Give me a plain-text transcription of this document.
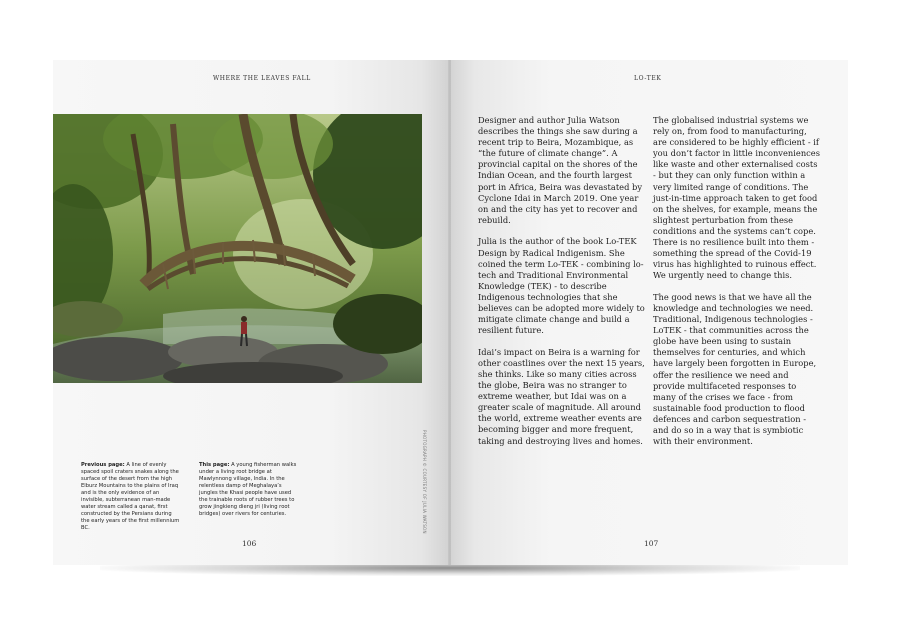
WHERE THE LEAVES FALL
Previous page: A line of evenly spaced spoil craters snakes along the surface of the desert from the high Elburz Mountains to the plains of Iraq and is the only evidence of an invisible, subterranean man-made water stream called a qanat, first constructed by the Persians during the early years of the first millennium BC.
This page: A young fisherman walks under a living root bridge at Mawlynnong village, India. In the relentless damp of Meghalaya’s jungles the Khasi people have used the trainable roots of rubber trees to grow jingkieng dieng jri (living root bridges) over rivers for centuries.	PHOTOGRAPH © COURTESY OF JULIA WATSON
106
LO-TEK

Designer and author Julia Watson describes the things she saw during a recent trip to Beira, Mozambique, as “the future of climate change”. A provincial capital on the shores of the Indian Ocean, and the fourth largest port in Africa, Beira was devastated by Cyclone Idai in March 2019. One year on and the city has yet to recover and rebuild.

Julia is the author of the book Lo-TEK Design by Radical Indigenism. She coined the term Lo-TEK - combining lo-tech and Traditional Environmental Knowledge (TEK) - to describe Indigenous technologies that she believes can be adopted more widely to mitigate climate change and build a resilient future.

Idai’s impact on Beira is a warning for other coastlines over the next 15 years, she thinks. Like so many cities across the globe, Beira was no stranger to extreme weather, but Idai was on a greater scale of magnitude. All around the world, extreme weather events are becoming bigger and more frequent, taking and destroying lives and homes.

The globalised industrial systems we rely on, from food to manufacturing, are considered to be highly efficient - if you don’t factor in little inconveniences like waste and other externalised costs - but they can only function within a very limited range of conditions. The just-in-time approach taken to get food on the shelves, for example, means the slightest perturbation from these conditions and the systems can’t cope. There is no resilience built into them - something the spread of the Covid-19 virus has highlighted to ruinous effect. We urgently need to change this.

The good news is that we have all the knowledge and technologies we need. Traditional, Indigenous technologies - LoTEK - that communities across the globe have been using to sustain themselves for centuries, and which have largely been forgotten in Europe, offer the resilience we need and provide multifaceted responses to many of the crises we face - from sustainable food production to flood defences and carbon sequestration - and do so in a way that is symbiotic with their environment.

107
